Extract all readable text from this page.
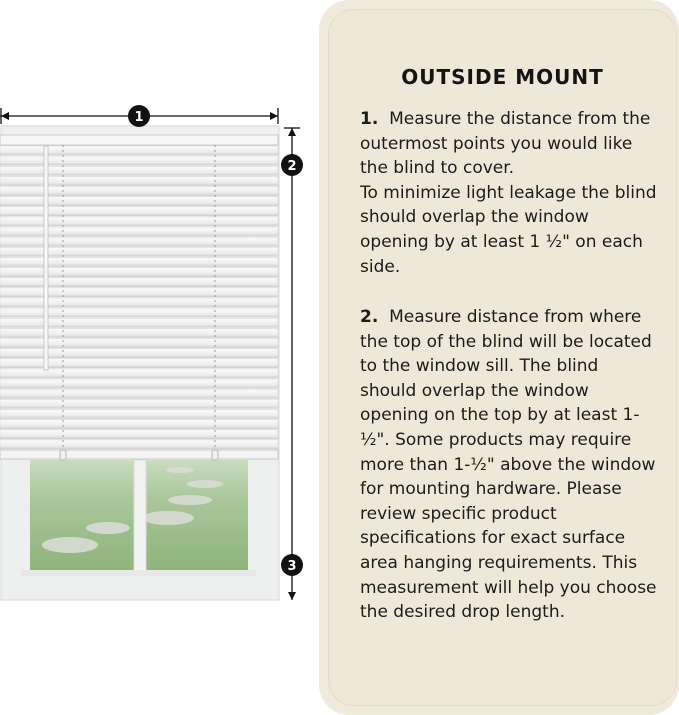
1
2
3
OUTSIDE MOUNT

1. Measure the distance from the outermost points you would like the blind to cover.

To minimize light leakage the blind should overlap the window opening by at least 1 ½" on each side.

2. Measure distance from where the top of the blind will be located to the window sill. The blind should overlap the window opening on the top by at least 1-½". Some products may require more than 1-½" above the window for mounting hardware. Please review specific product specifications for exact surface area hanging requirements. This measurement will help you choose the desired drop length.
